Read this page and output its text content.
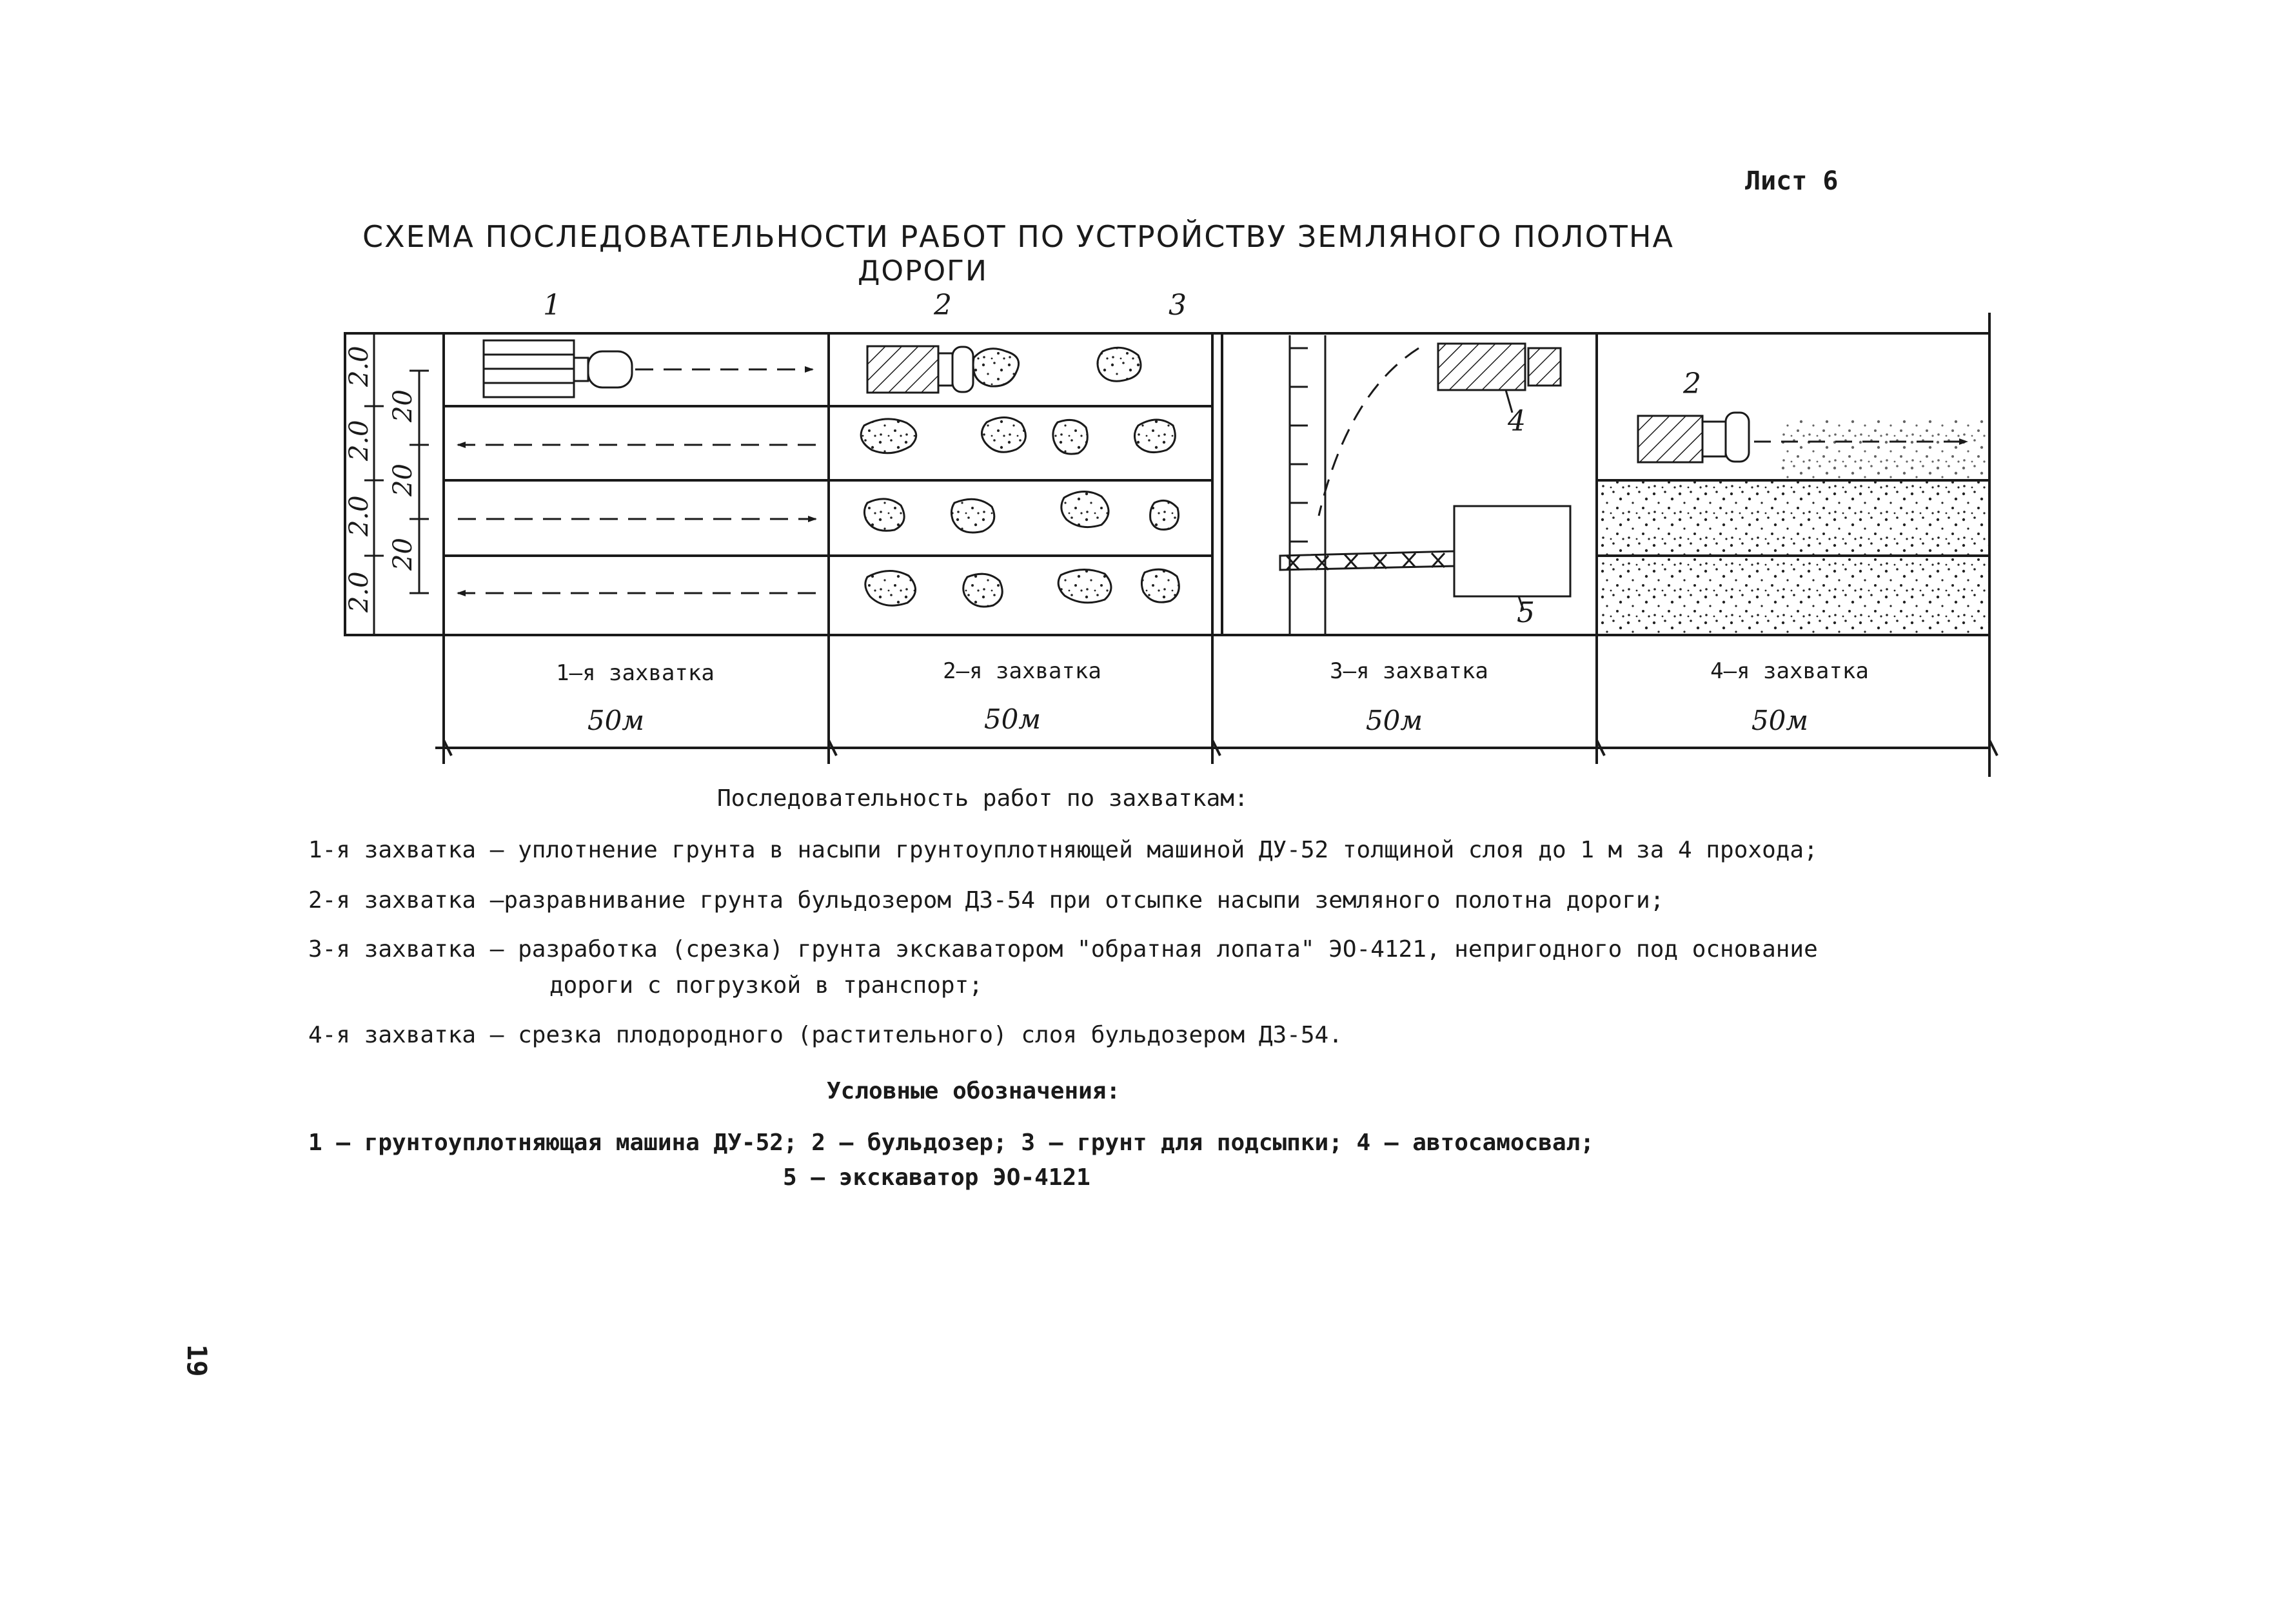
Лист 6
СХЕМА ПОСЛЕДОВАТЕЛЬНОСТИ РАБОТ ПО УСТРОЙСТВУ ЗЕМЛЯНОГО ПОЛОТНА
ДОРОГИ
2.0
2.0
2.0
2.0
20
20
20
1	2	3
4
5
2
1–я захватка	2–я захватка	3–я захватка	4–я захватка
50м	50м	50м	50м
Последовательность работ по захваткам:
1-я захватка – уплотнение грунта в насыпи грунтоуплотняющей машиной ДУ-52 толщиной слоя до 1 м за 4 прохода;
2-я захватка –разравнивание грунта бульдозером ДЗ-54 при отсыпке насыпи земляного полотна дороги;
3-я захватка – разработка (срезка) грунта экскаватором "обратная лопата" ЭО-4121, непригодного под основание
дороги с погрузкой в транспорт;
4-я захватка – срезка плодородного (растительного) слоя бульдозером ДЗ-54.
Условные обозначения:
1 – грунтоуплотняющая машина ДУ-52; 2 – бульдозер; 3 – грунт для подсыпки; 4 – автосамосвал;
5 – экскаватор ЭО-4121
19
